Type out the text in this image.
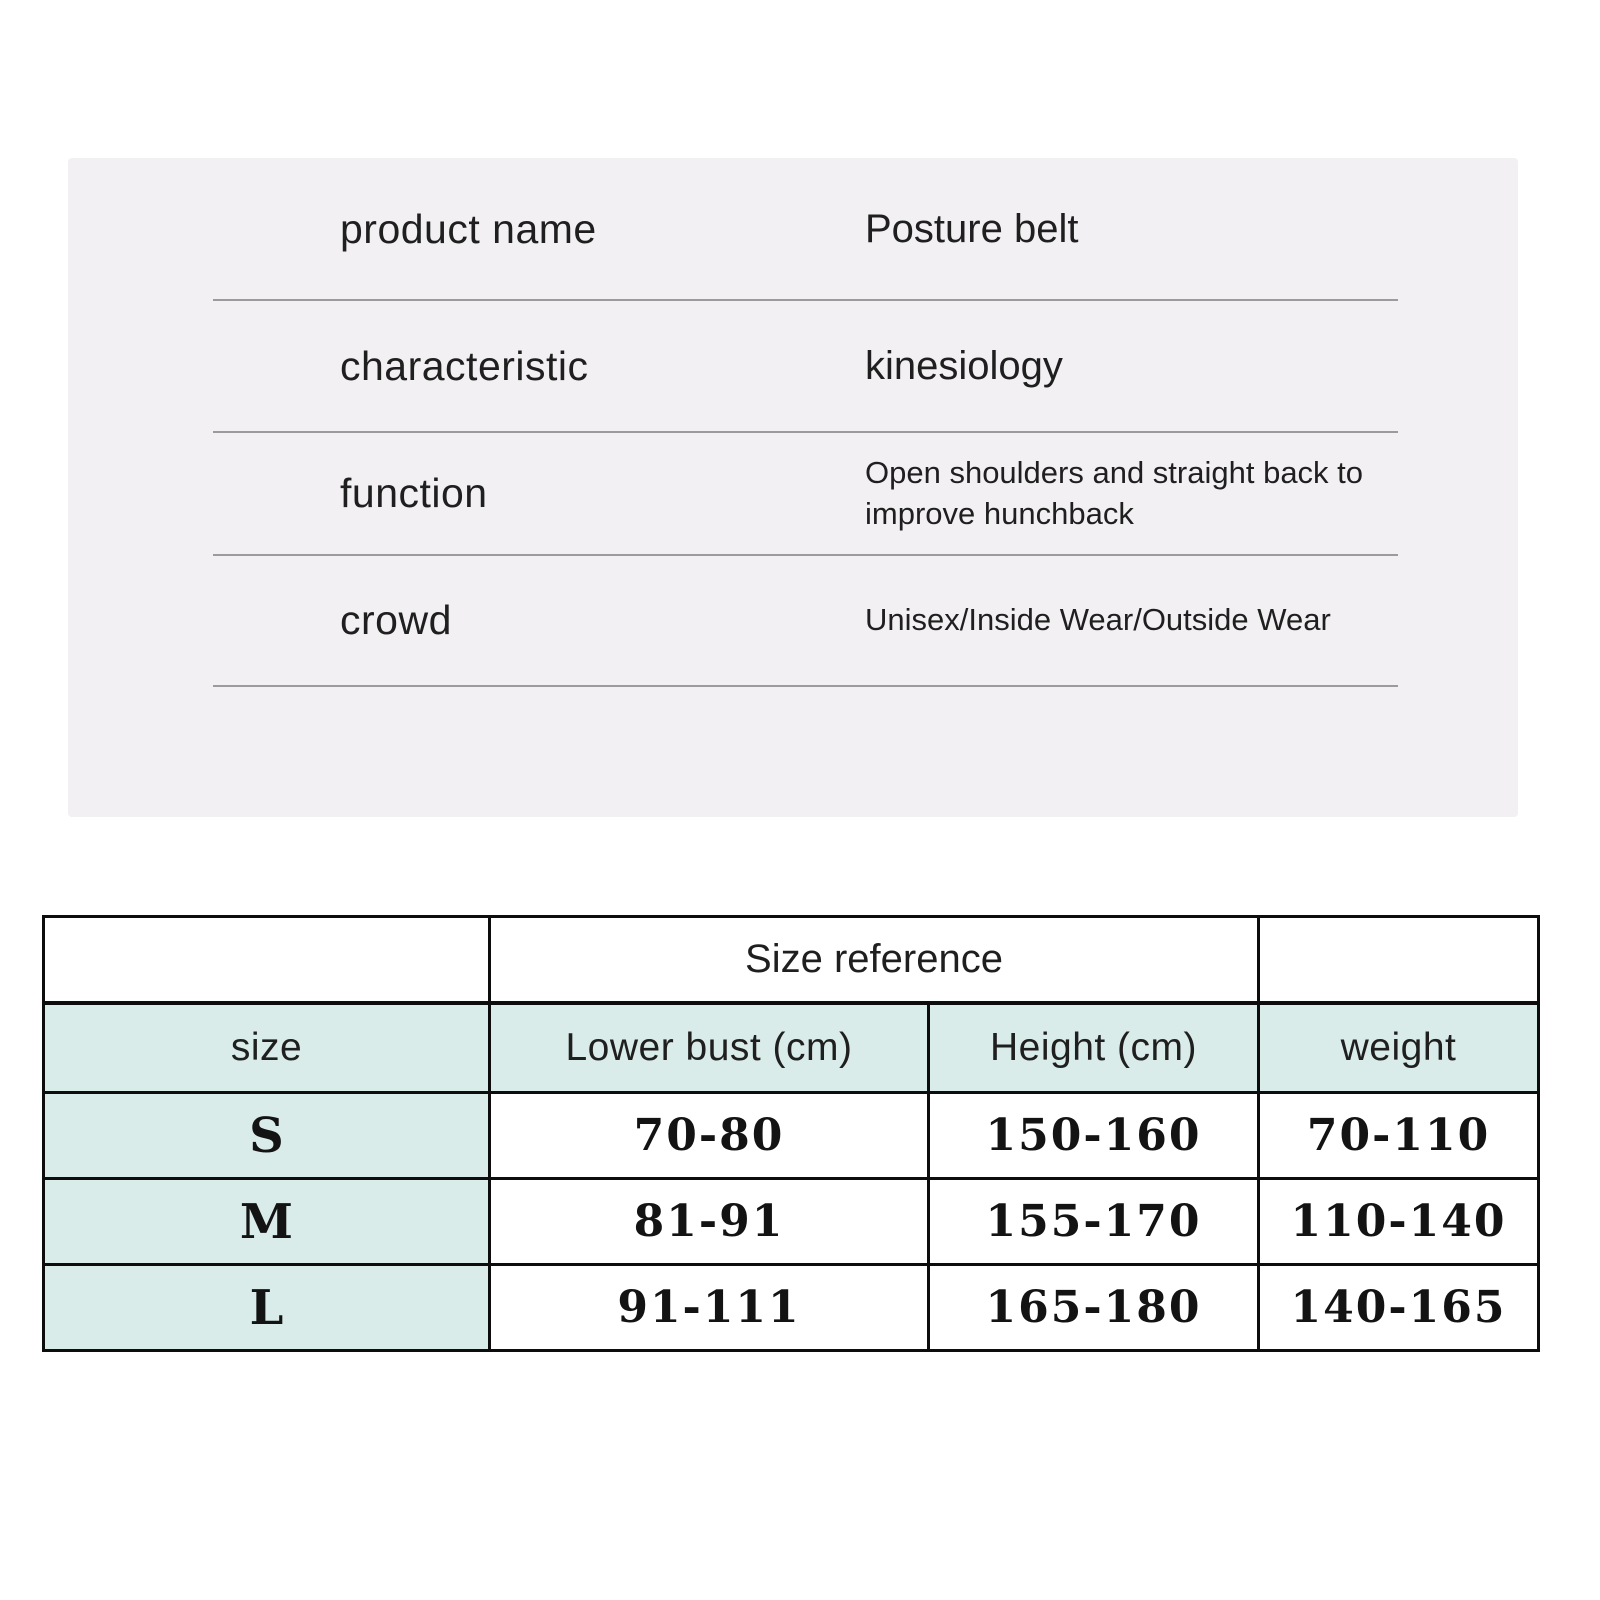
product name	Posture belt
characteristic	kinesiology
function	Open shoulders and straight back to improve hunchback
crowd	Unisex/Inside Wear/Outside Wear
	Size reference		
size	Lower bust (cm)	Height (cm)	weight
S	70-80	150-160	70-110
M	81-91	155-170	110-140
L	91-111	165-180	140-165
